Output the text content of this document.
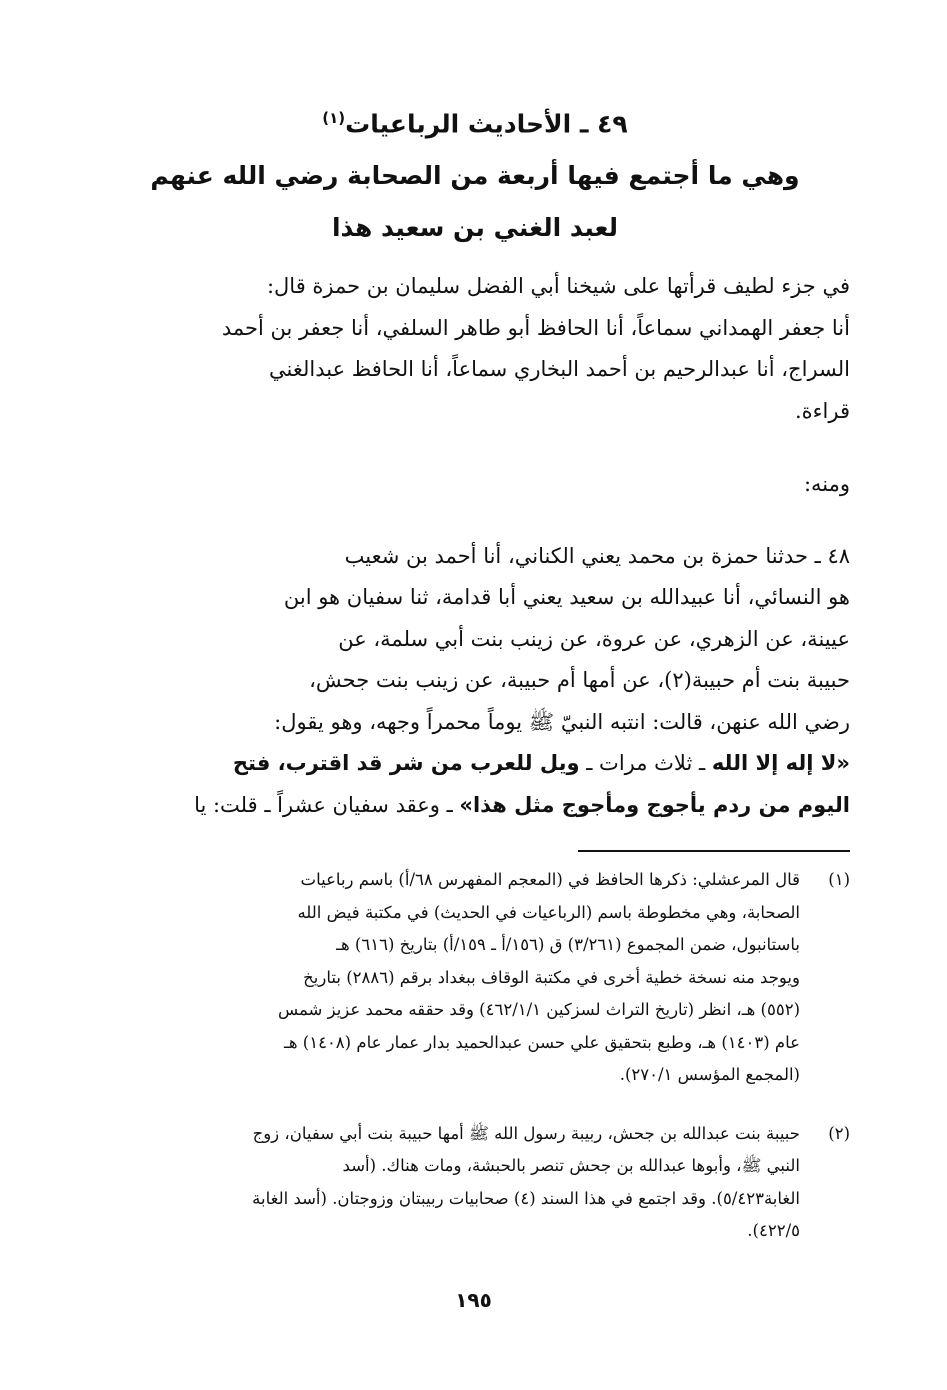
٤٩ ـ الأحاديث الرباعيات$^{(١)}$
وهي ما أجتمع فيها أربعة من الصحابة رضي الله عنهم
لعبد الغني بن سعيد هذا
في جزء لطيف قرأتها على شيخنا أبي الفضل سليمان بن حمزة قال:
أنا جعفر الهمداني سماعاً، أنا الحافظ أبو طاهر السلفي، أنا جعفر بن أحمد
السراج، أنا عبدالرحيم بن أحمد البخاري سماعاً، أنا الحافظ عبدالغني
قراءة.
ومنه:
٤٨ ـ حدثنا حمزة بن محمد يعني الكناني، أنا أحمد بن شعيب
هو النسائي، أنا عبيدالله بن سعيد يعني أبا قدامة، ثنا سفيان هو ابن
عيينة، عن الزهري، عن عروة، عن زينب بنت أبي سلمة، عن
حبيبة بنت أم حبيبة(٢)، عن أمها أم حبيبة، عن زينب بنت جحش،
رضي الله عنهن، قالت: انتبه النبيّ ﷺ يوماً محمراً وجهه، وهو يقول:
«لا إله إلا الله ـ ثلاث مرات ـ ويل للعرب من شر قد اقترب، فتح
اليوم من ردم يأجوج ومأجوج مثل هذا» ـ وعقد سفيان عشراً ـ قلت: يا
(١)
قال المرعشلي: ذكرها الحافظ في (المعجم المفهرس ٦٨/أ) باسم رباعيات
الصحابة، وهي مخطوطة باسم (الرباعيات في الحديث) في مكتبة فيض الله
باستانبول، ضمن المجموع (٣/٢٦١) ق (١٥٦/أ ـ ١٥٩/أ) بتاريخ (٦١٦) هـ
ويوجد منه نسخة خطية أخرى في مكتبة الوقاف ببغداد برقم (٢٨٨٦) بتاريخ
(٥٥٢) هـ، انظر (تاريخ التراث لسزكين ٤٦٢/١/١) وقد حققه محمد عزيز شمس
عام (١٤٠٣) هـ، وطبع بتحقيق علي حسن عبدالحميد بدار عمار عام (١٤٠٨) هـ
(المجمع المؤسس ٢٧٠/١).
(٢)
حبيبة بنت عبدالله بن جحش، ربيبة رسول الله ﷺ أمها حبيبة بنت أبي سفيان، زوج
النبي ﷺ، وأبوها عبدالله بن جحش تنصر بالحبشة، ومات هناك. (أسد
الغابة٥/٤٢٣). وقد اجتمع في هذا السند (٤) صحابيات ربيبتان وزوجتان. (أسد الغابة
٤٢٢/٥).
١٩٥
